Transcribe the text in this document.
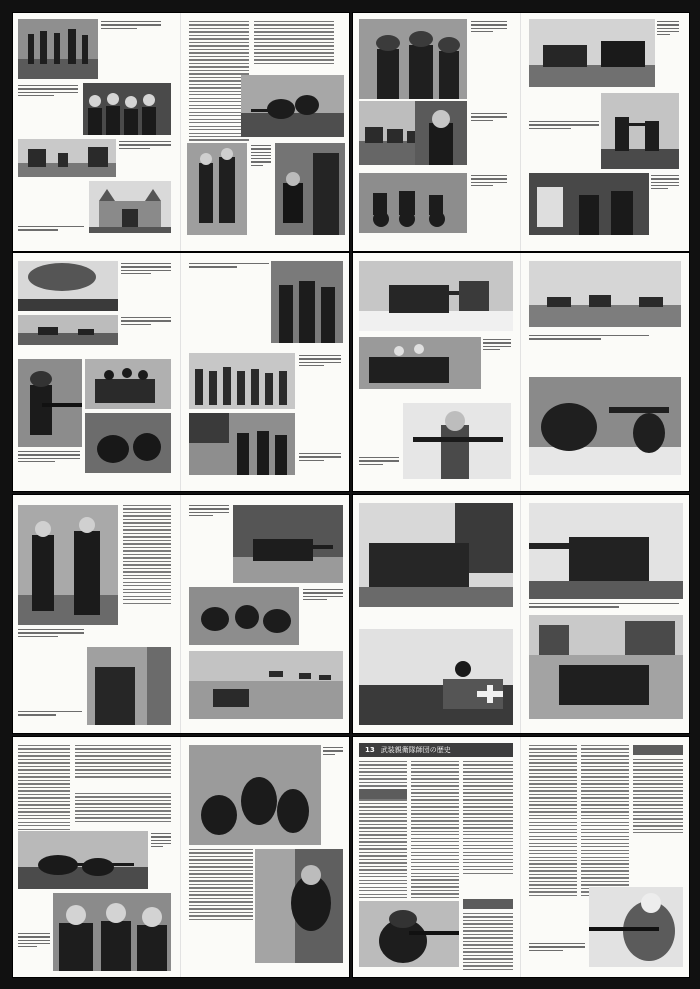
13 武装親衛隊師団の歴史
